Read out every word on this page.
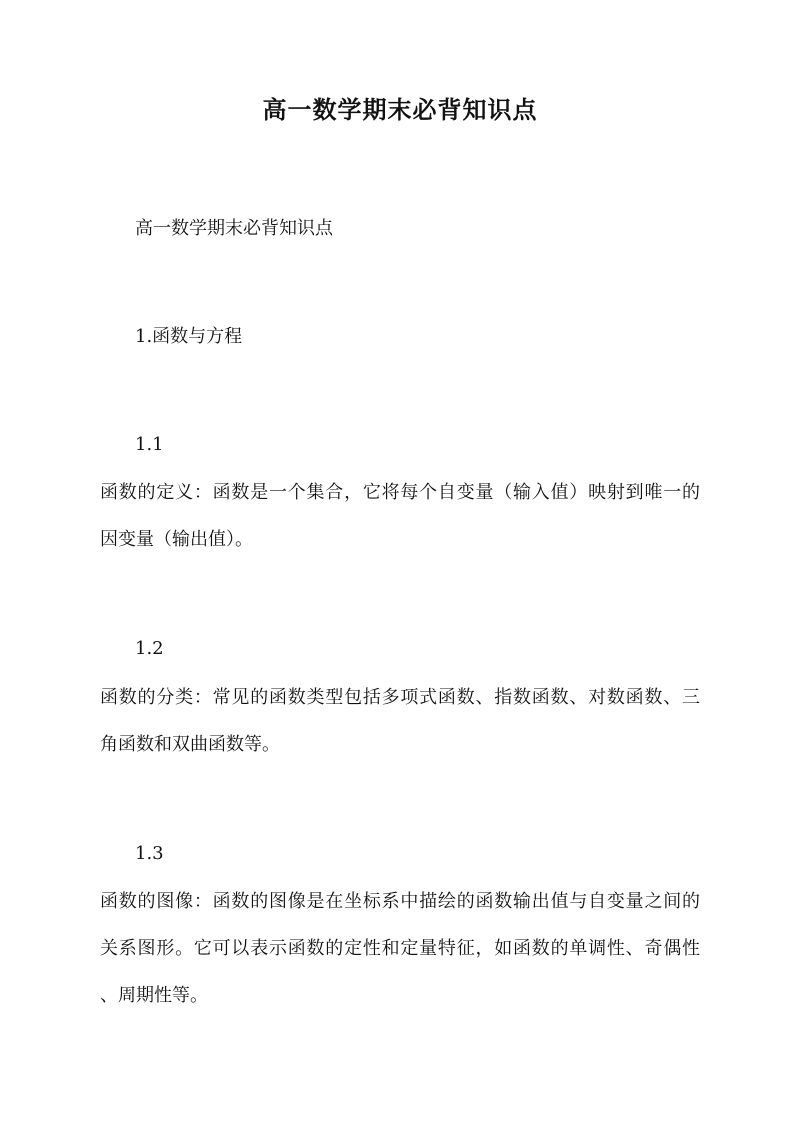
高一数学期末必背知识点
高一数学期末必背知识点
1.函数与方程
1.1
函数的定义：函数是一个集合，它将每个自变量（输入值）映射到唯一的
因变量（输出值）。
1.2
函数的分类：常见的函数类型包括多项式函数、指数函数、对数函数、三
角函数和双曲函数等。
1.3
函数的图像：函数的图像是在坐标系中描绘的函数输出值与自变量之间的
关系图形。它可以表示函数的定性和定量特征，如函数的单调性、奇偶性
、周期性等。
